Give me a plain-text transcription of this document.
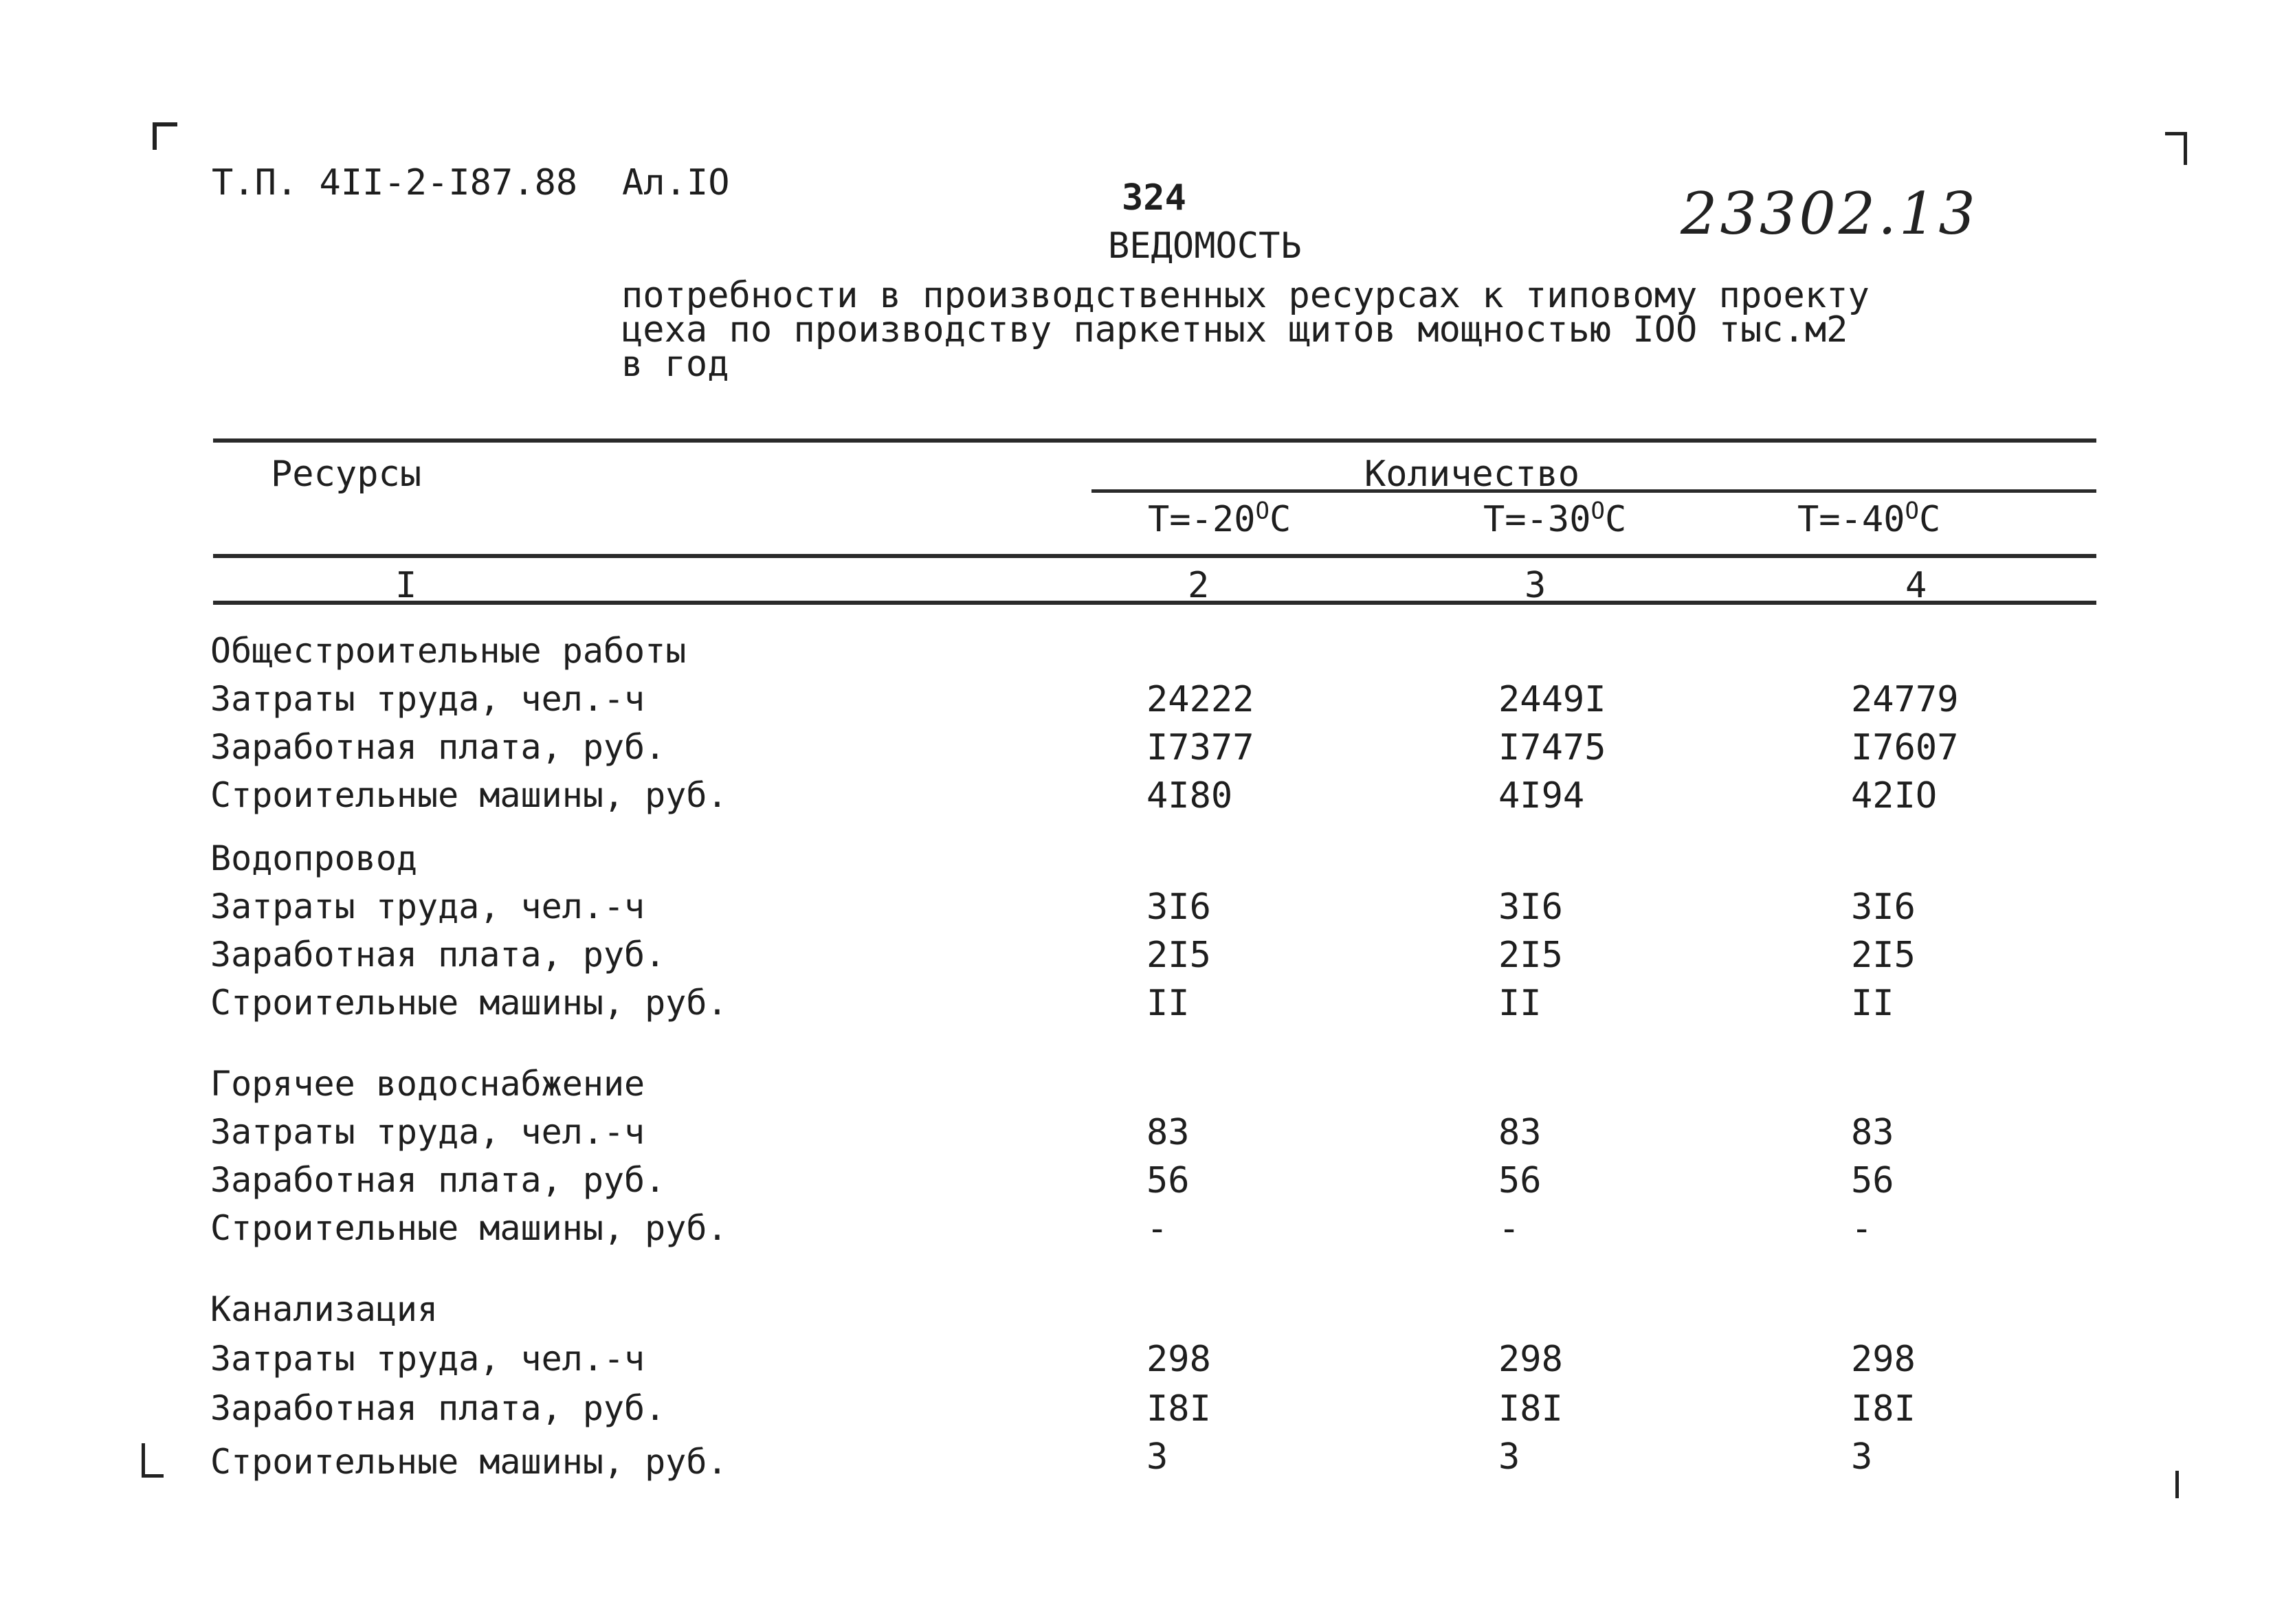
Т.П. 4II-2-I87.88 Ал.IO	324	23302.13
ВЕДОМОСТЬ
потребности в производственных ресурсах к типовому проекту
цеха по производству паркетных щитов мощностью IOO тыс.м2
в год
Ресурсы	Количество
$T=-20^OC$	$T=-30^OC$	$T=-40^OC$
I	2	3	4
Общестроительные работы
Затраты труда, чел.-ч	24222	2449I	24779
Заработная плата, руб.	I7377	I7475	I7607
Строительные машины, руб.	4I80	4I94	42IO
Водопровод
Затраты труда, чел.-ч	3I6	3I6	3I6
Заработная плата, руб.	2I5	2I5	2I5
Строительные машины, руб.	II	II	II
Горячее водоснабжение
Затраты труда, чел.-ч	83	83	83
Заработная плата, руб.	56	56	56
Строительные машины, руб.	-	-	-
Канализация
Затраты труда, чел.-ч	298	298	298
Заработная плата, руб.	I8I	I8I	I8I
Строительные машины, руб.	3	3	3
